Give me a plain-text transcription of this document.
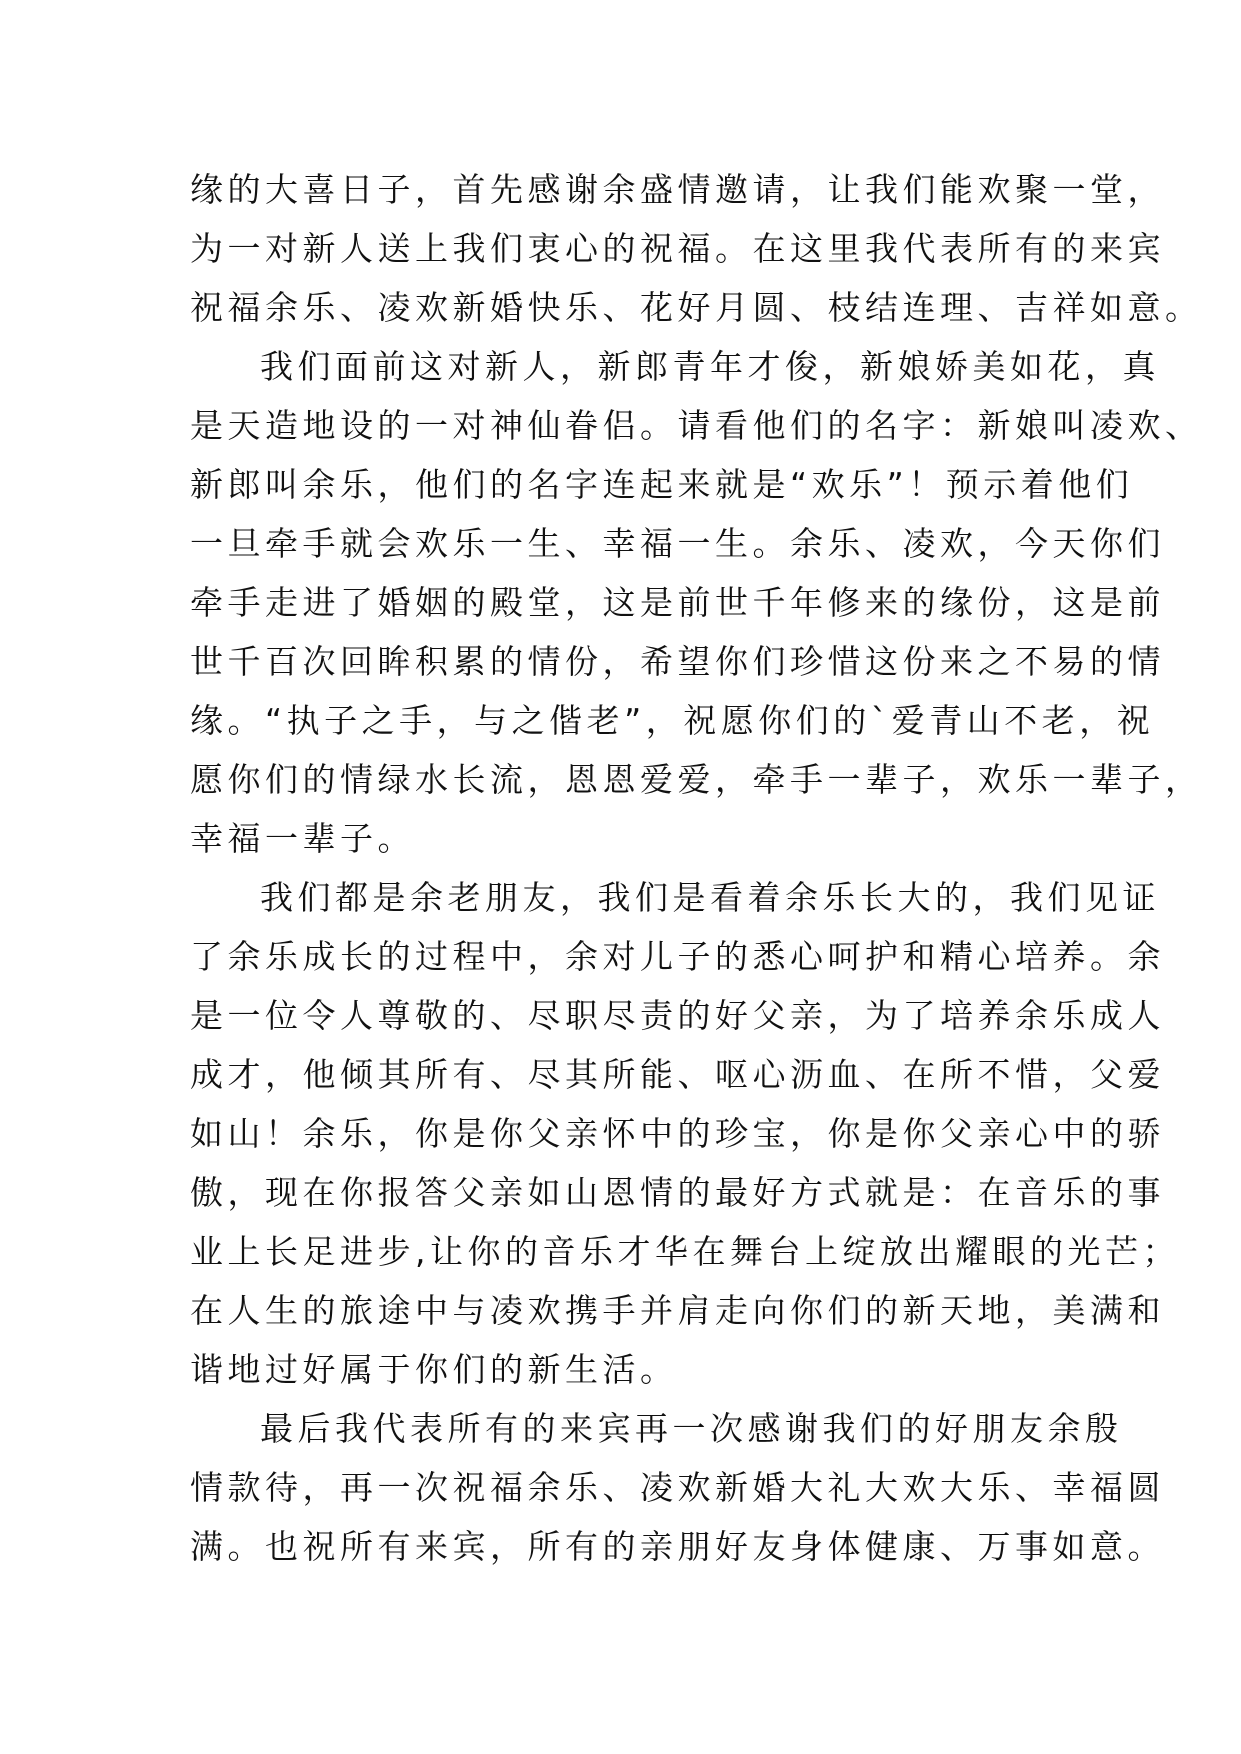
缘的大喜日子，首先感谢余盛情邀请，让我们能欢聚一堂，
为一对新人送上我们衷心的祝福。在这里我代表所有的来宾
祝福余乐、凌欢新婚快乐、花好月圆、枝结连理、吉祥如意。
我们面前这对新人，新郎青年才俊，新娘娇美如花，真
是天造地设的一对神仙眷侣。请看他们的名字：新娘叫凌欢、
新郎叫余乐，他们的名字连起来就是“欢乐”！预示着他们
一旦牵手就会欢乐一生、幸福一生。余乐、凌欢，今天你们
牵手走进了婚姻的殿堂，这是前世千年修来的缘份，这是前
世千百次回眸积累的情份，希望你们珍惜这份来之不易的情
缘。“执子之手，与之偕老”，祝愿你们的`爱青山不老，祝
愿你们的情绿水长流，恩恩爱爱，牵手一辈子，欢乐一辈子，
幸福一辈子。
我们都是余老朋友，我们是看着余乐长大的，我们见证
了余乐成长的过程中，余对儿子的悉心呵护和精心培养。余
是一位令人尊敬的、尽职尽责的好父亲，为了培养余乐成人
成才，他倾其所有、尽其所能、呕心沥血、在所不惜，父爱
如山！余乐，你是你父亲怀中的珍宝，你是你父亲心中的骄
傲，现在你报答父亲如山恩情的最好方式就是：在音乐的事
业上长足进步,让你的音乐才华在舞台上绽放出耀眼的光芒；
在人生的旅途中与凌欢携手并肩走向你们的新天地，美满和
谐地过好属于你们的新生活。
最后我代表所有的来宾再一次感谢我们的好朋友余殷
情款待，再一次祝福余乐、凌欢新婚大礼大欢大乐、幸福圆
满。也祝所有来宾，所有的亲朋好友身体健康、万事如意。
